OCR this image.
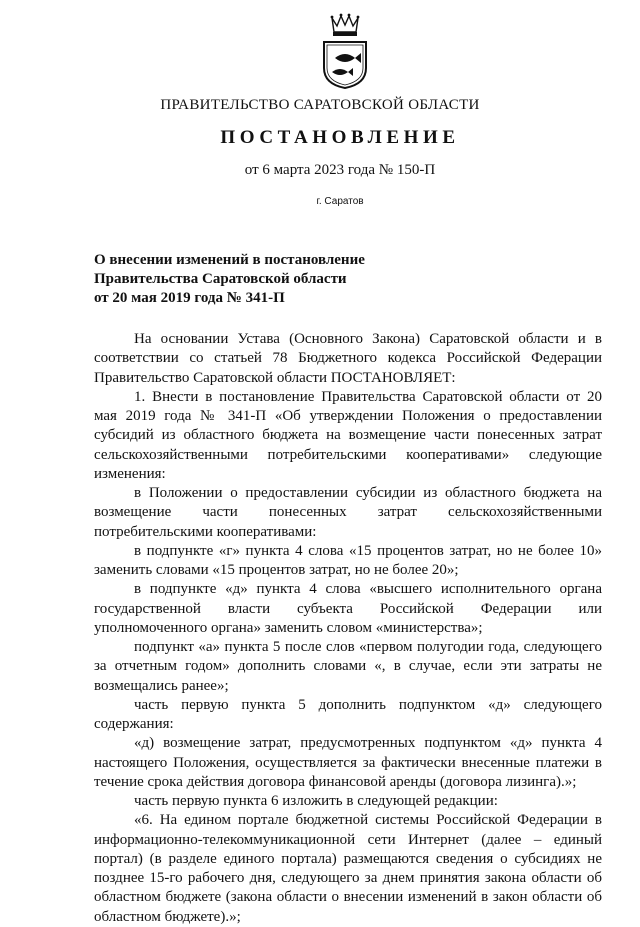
ПРАВИТЕЛЬСТВО САРАТОВСКОЙ ОБЛАСТИ
ПОСТАНОВЛЕНИЕ
от 6 марта 2023 года № 150-П
г. Саратов
О внесении изменений в постановление
Правительства Саратовской области
от 20 мая 2019 года № 341-П

На основании Устава (Основного Закона) Саратовской области и в соответствии со статьей 78 Бюджетного кодекса Российской Федерации Правительство Саратовской области ПОСТАНОВЛЯЕТ:

1. Внести в постановление Правительства Саратовской области от 20 мая 2019 года № 341-П «Об утверждении Положения о предоставлении субсидий из областного бюджета на возмещение части понесенных затрат сельскохозяйственными потребительскими кооперативами» следующие изменения:

в Положении о предоставлении субсидии из областного бюджета на возмещение части понесенных затрат сельскохозяйственными потребительскими кооперативами:

в подпункте «г» пункта 4 слова «15 процентов затрат, но не более 10» заменить словами «15 процентов затрат, но не более 20»;

в подпункте «д» пункта 4 слова «высшего исполнительного органа государственной власти субъекта Российской Федерации или уполномоченного органа» заменить словом «министерства»;

подпункт «а» пункта 5 после слов «первом полугодии года, следующего за отчетным годом» дополнить словами «, в случае, если эти затраты не возмещались ранее»;

часть первую пункта 5 дополнить подпунктом «д» следующего содержания:

«д) возмещение затрат, предусмотренных подпунктом «д» пункта 4 настоящего Положения, осуществляется за фактически внесенные платежи в течение срока действия договора финансовой аренды (договора лизинга).»;

часть первую пункта 6 изложить в следующей редакции:

«6. На едином портале бюджетной системы Российской Федерации в информационно-телекоммуникационной сети Интернет (далее – единый портал) (в разделе единого портала) размещаются сведения о субсидиях не позднее 15-го рабочего дня, следующего за днем принятия закона области об областном бюджете (закона области о внесении изменений в закон области об областном бюджете).»;
